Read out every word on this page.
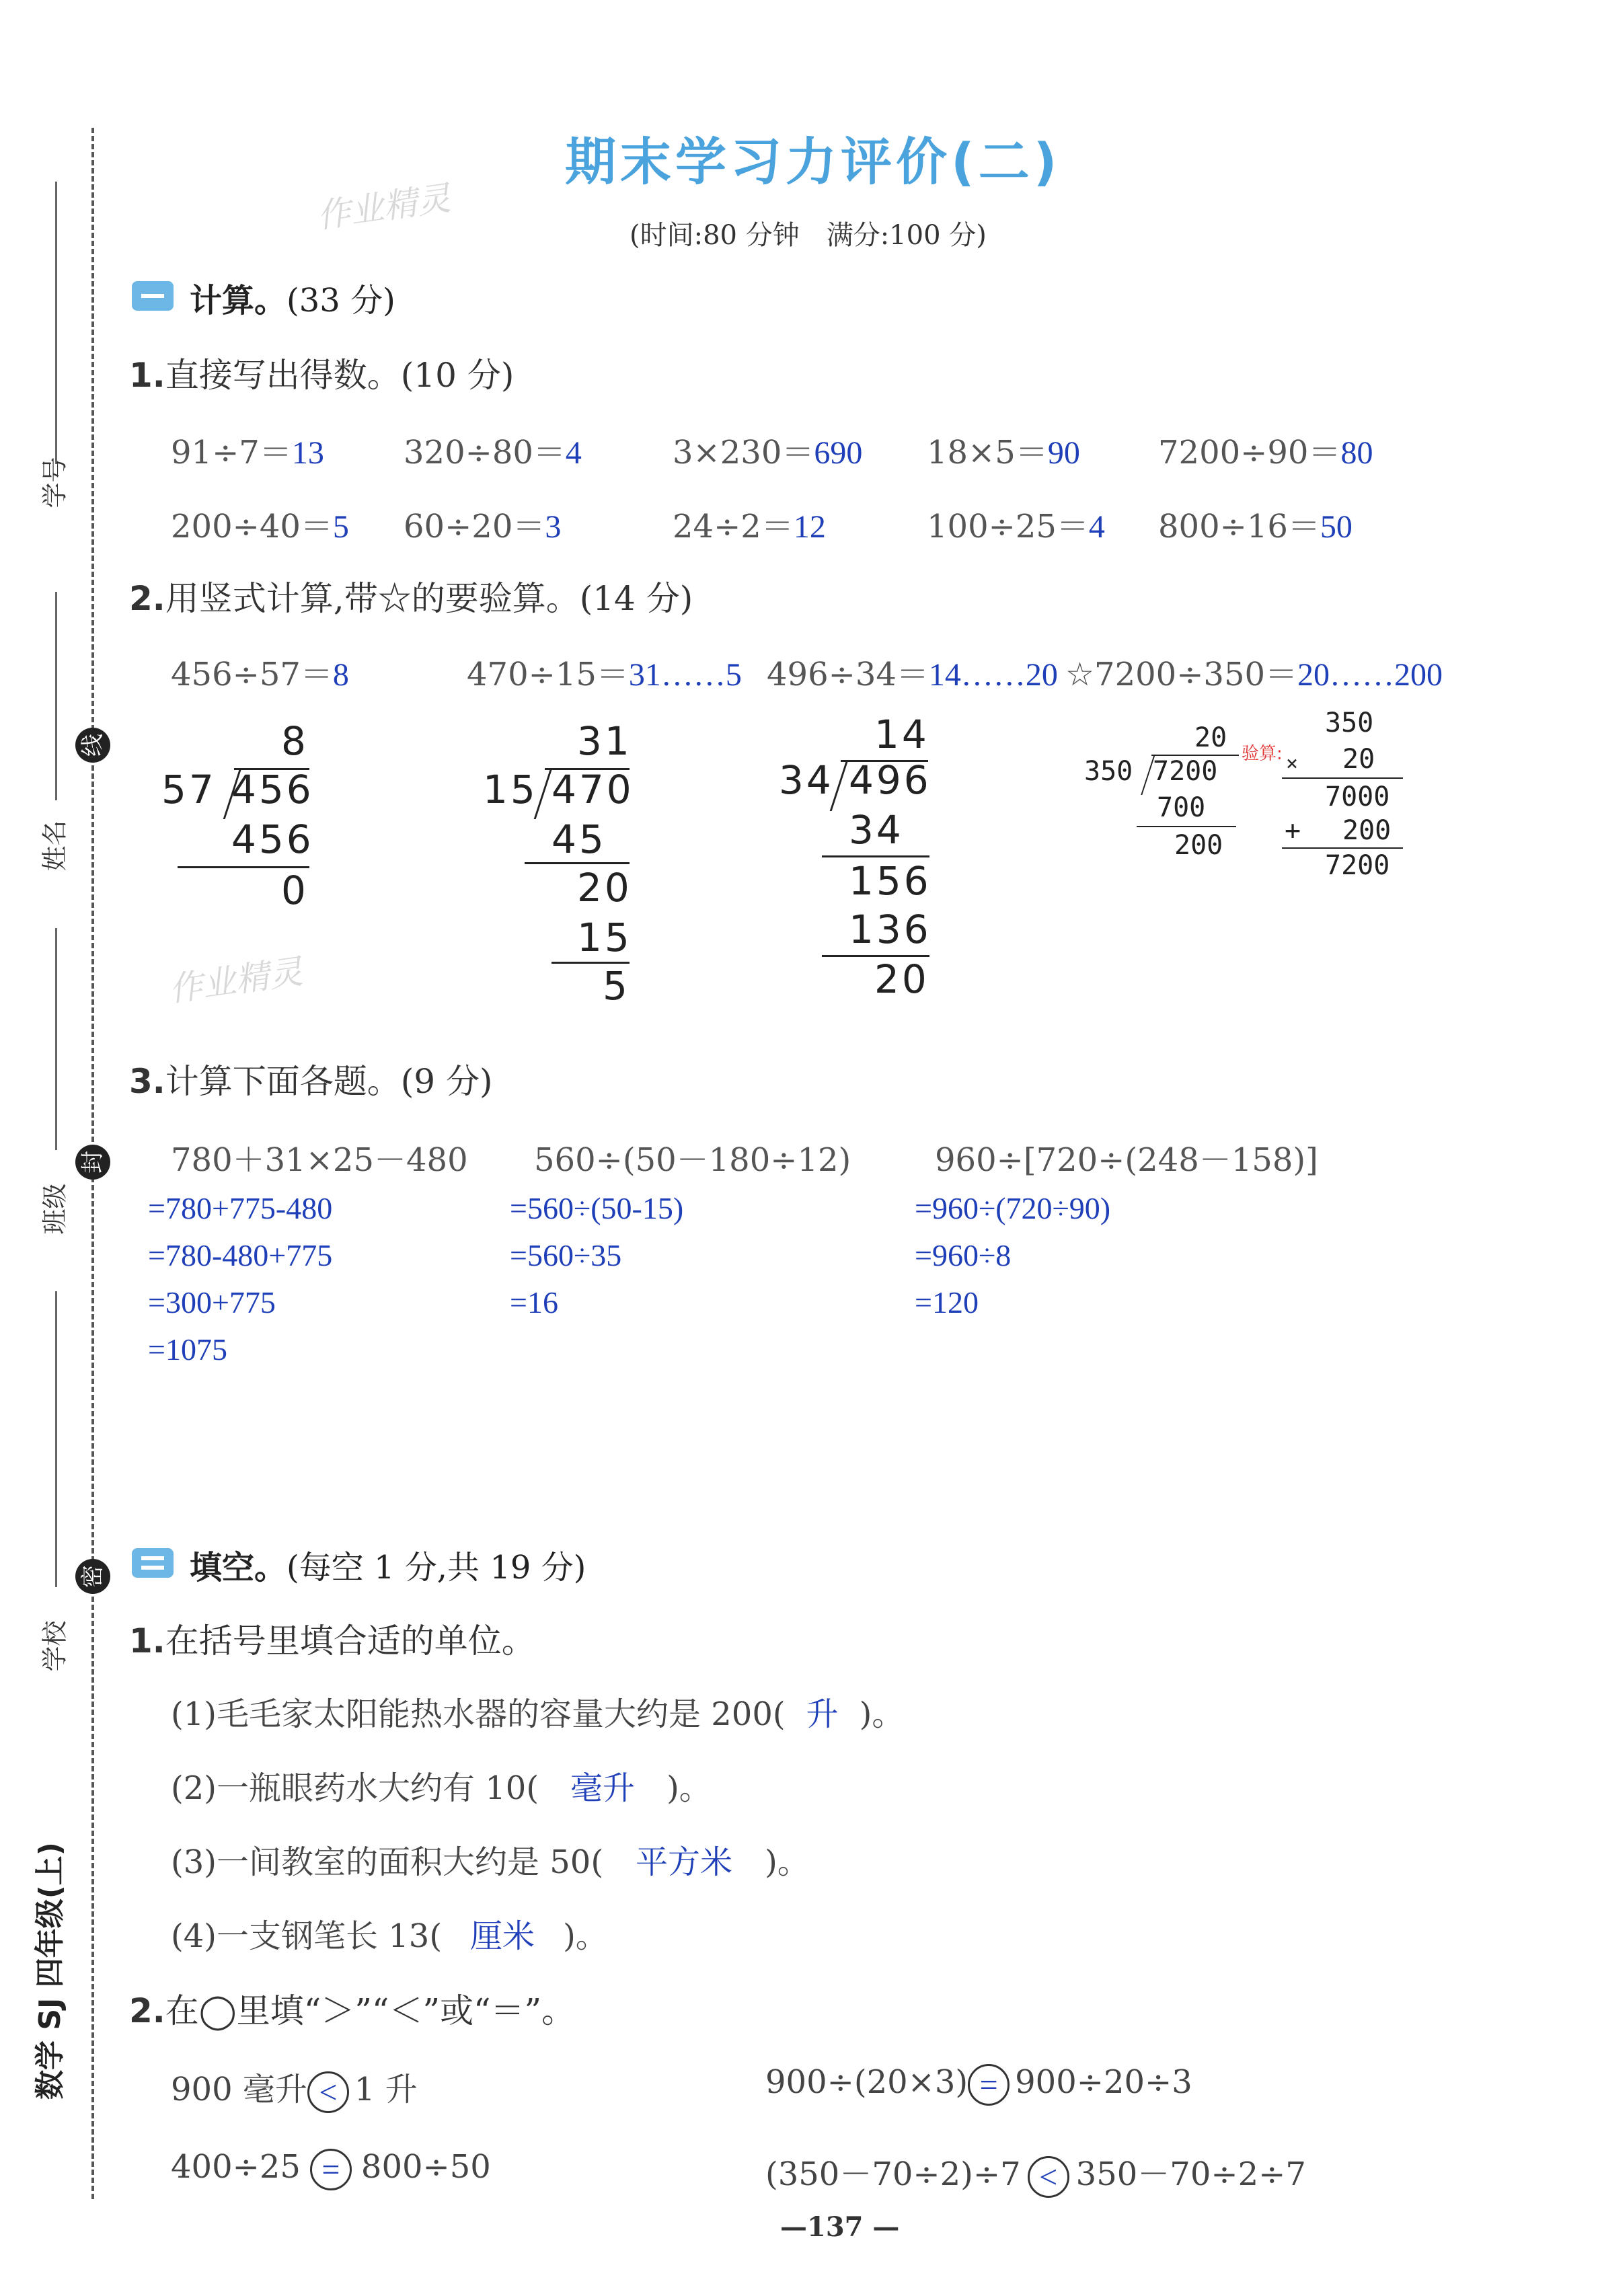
学号
线
姓名
封
班级
密
学校
数学 SJ 四年级(上)
期末学习力评价(二)
(时间:80 分钟　满分:100 分)
作业精灵
作业精灵
计算。(33 分)
1.直接写出得数。(10 分)
91÷7＝13 320÷80＝4	3×230＝690 18×5＝90 7200÷90＝80
200÷40＝5 60÷20＝3	24÷2＝12	100÷25＝4 800÷16＝50
2.用竖式计算,带☆的要验算。(14 分)
456÷57＝8	470÷15＝31……5 496÷34＝14……20 ☆7200÷350＝20……200
8
57 456
456
0
31
15 470
45
20
15
5
14
34 496
34
156
136
20
20
350 7200
700
200
验算:
350
× 20
7000
+ 200
7200
3.计算下面各题。(9 分)
780＋31×25－480 560÷(50－180÷12)	960÷[720÷(248－158)]
=780+775-480
=780-480+775
=300+775
=1075
=560÷(50-15)
=560÷35
=16
=960÷(720÷90)
=960÷8
=120
填空。(每空 1 分,共 19 分)
1.在括号里填合适的单位。
(1)毛毛家太阳能热水器的容量大约是 200( 升 )。
(2)一瓶眼药水大约有 10( 毫升 )。
(3)一间教室的面积大约是 50( 平方米 )。
(4)一支钢笔长 13( 厘米 )。
2.在◯里填“＞”“＜”或“＝”。
900 毫升 < 1 升	900÷(20×3) = 900÷20÷3
400÷25 = 800÷50	(350－70÷2)÷7 < 350－70÷2÷7
—137 —
